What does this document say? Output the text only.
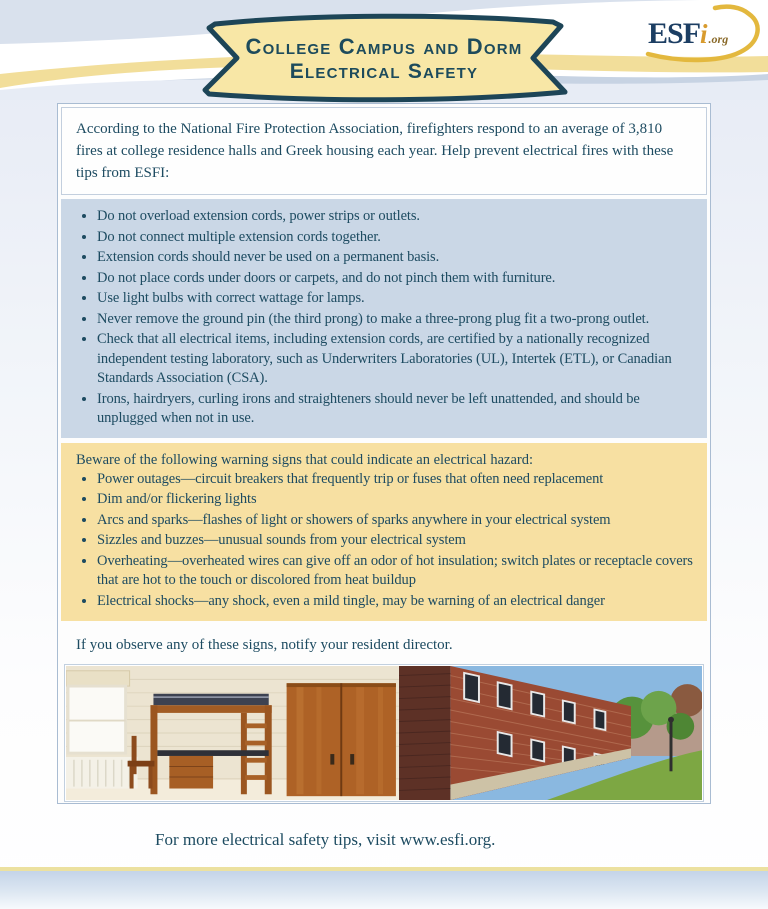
College Campus and Dorm
Electrical Safety
ESF i .org
According to the National Fire Protection Association, firefighters respond to an average of 3,810 fires at college residence halls and Greek housing each year. Help prevent electrical fires with these tips from ESFI:
• Do not overload extension cords, power strips or outlets.
• Do not connect multiple extension cords together.
• Extension cords should never be used on a permanent basis.
• Do not place cords under doors or carpets, and do not pinch them with furniture.
• Use light bulbs with correct wattage for lamps.
• Never remove the ground pin (the third prong) to make a three-prong plug fit a two-prong outlet.
• Check that all electrical items, including extension cords, are certified by a nationally recognized independent testing laboratory, such as Underwriters Laboratories (UL), Intertek (ETL), or Canadian Standards Association (CSA).
• Irons, hairdryers, curling irons and straighteners should never be left unattended, and should be unplugged when not in use.
Beware of the following warning signs that could indicate an electrical hazard:
• Power outages—circuit breakers that frequently trip or fuses that often need replacement
• Dim and/or flickering lights
• Arcs and sparks—flashes of light or showers of sparks anywhere in your electrical system
• Sizzles and buzzes—unusual sounds from your electrical system
• Overheating—overheated wires can give off an odor of hot insulation; switch plates or receptacle covers that are hot to the touch or discolored from heat buildup
• Electrical shocks—any shock, even a mild tingle, may be warning of an electrical danger
If you observe any of these signs, notify your resident director.
For more electrical safety tips, visit www.esfi.org.
